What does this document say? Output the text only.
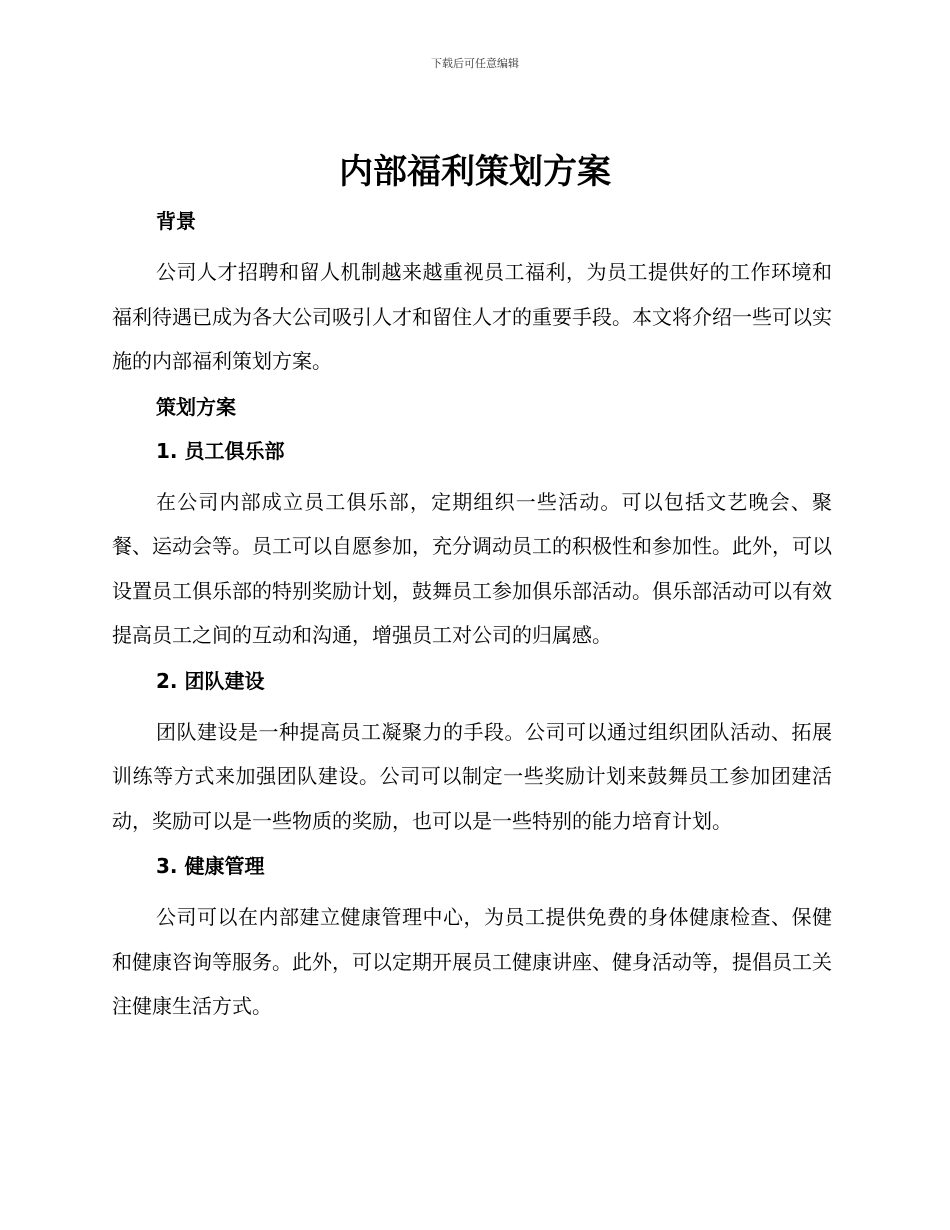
下载后可任意编辑
内部福利策划方案
背景

公司人才招聘和留人机制越来越重视员工福利，为员工提供好的工作环境和福利待遇已成为各大公司吸引人才和留住人才的重要手段。本文将介绍一些可以实施的内部福利策划方案。

策划方案
1. 员工俱乐部

在公司内部成立员工俱乐部，定期组织一些活动。可以包括文艺晚会、聚餐、运动会等。员工可以自愿参加，充分调动员工的积极性和参加性。此外，可以设置员工俱乐部的特别奖励计划，鼓舞员工参加俱乐部活动。俱乐部活动可以有效提高员工之间的互动和沟通，增强员工对公司的归属感。

2. 团队建设

团队建设是一种提高员工凝聚力的手段。公司可以通过组织团队活动、拓展训练等方式来加强团队建设。公司可以制定一些奖励计划来鼓舞员工参加团建活动，奖励可以是一些物质的奖励，也可以是一些特别的能力培育计划。

3. 健康管理

公司可以在内部建立健康管理中心，为员工提供免费的身体健康检查、保健和健康咨询等服务。此外，可以定期开展员工健康讲座、健身活动等，提倡员工关注健康生活方式。
